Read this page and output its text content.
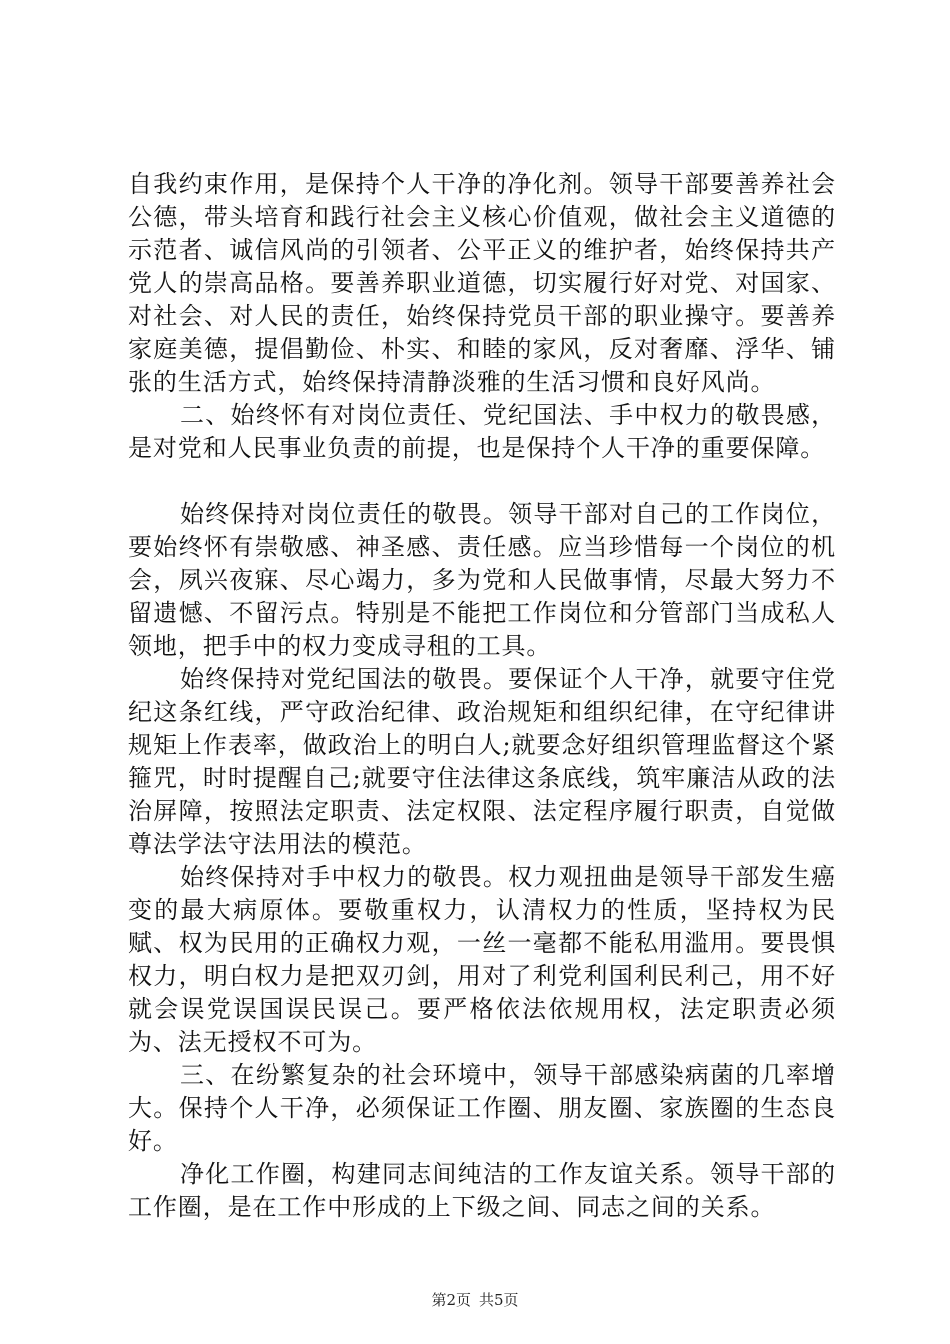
自我约束作用，是保持个人干净的净化剂。领导干部要善养社会公德，带头培育和践行社会主义核心价值观，做社会主义道德的示范者、诚信风尚的引领者、公平正义的维护者，始终保持共产党人的崇高品格。要善养职业道德，切实履行好对党、对国家、对社会、对人民的责任，始终保持党员干部的职业操守。要善养家庭美德，提倡勤俭、朴实、和睦的家风，反对奢靡、浮华、铺张的生活方式，始终保持清静淡雅的生活习惯和良好风尚。

二、始终怀有对岗位责任、党纪国法、手中权力的敬畏感，是对党和人民事业负责的前提，也是保持个人干净的重要保障。

始终保持对岗位责任的敬畏。领导干部对自己的工作岗位，要始终怀有崇敬感、神圣感、责任感。应当珍惜每一个岗位的机会，夙兴夜寐、尽心竭力，多为党和人民做事情，尽最大努力不留遗憾、不留污点。特别是不能把工作岗位和分管部门当成私人领地，把手中的权力变成寻租的工具。

始终保持对党纪国法的敬畏。要保证个人干净，就要守住党纪这条红线，严守政治纪律、政治规矩和组织纪律，在守纪律讲规矩上作表率，做政治上的明白人;就要念好组织管理监督这个紧箍咒，时时提醒自己;就要守住法律这条底线，筑牢廉洁从政的法治屏障，按照法定职责、法定权限、法定程序履行职责，自觉做尊法学法守法用法的模范。

始终保持对手中权力的敬畏。权力观扭曲是领导干部发生癌变的最大病原体。要敬重权力，认清权力的性质，坚持权为民赋、权为民用的正确权力观，一丝一毫都不能私用滥用。要畏惧权力，明白权力是把双刃剑，用对了利党利国利民利己，用不好就会误党误国误民误己。要严格依法依规用权，法定职责必须为、法无授权不可为。

三、在纷繁复杂的社会环境中，领导干部感染病菌的几率增大。保持个人干净，必须保证工作圈、朋友圈、家族圈的生态良好。

净化工作圈，构建同志间纯洁的工作友谊关系。领导干部的工作圈，是在工作中形成的上下级之间、同志之间的关系。

第2页 共5页
